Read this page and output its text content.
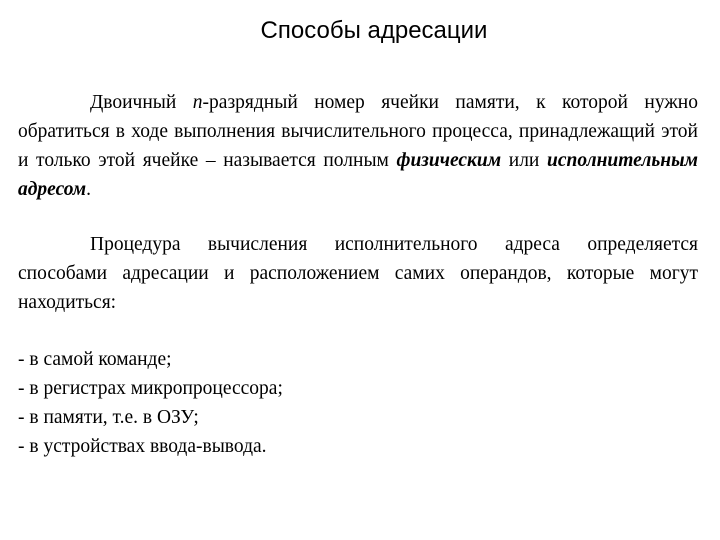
Способы адресации

Двоичный n-разрядный номер ячейки памяти, к которой нужно обратиться в ходе выполнения вычислительного процесса, принадлежащий этой и только этой ячейке – называется полным физическим или исполнительным адресом.

Процедура вычисления исполнительного адреса определяется способами адресации и расположением самих операндов, которые могут находиться:

- в самой команде;
- в регистрах микропроцессора;
- в памяти, т.е. в ОЗУ;
- в устройствах ввода-вывода.
